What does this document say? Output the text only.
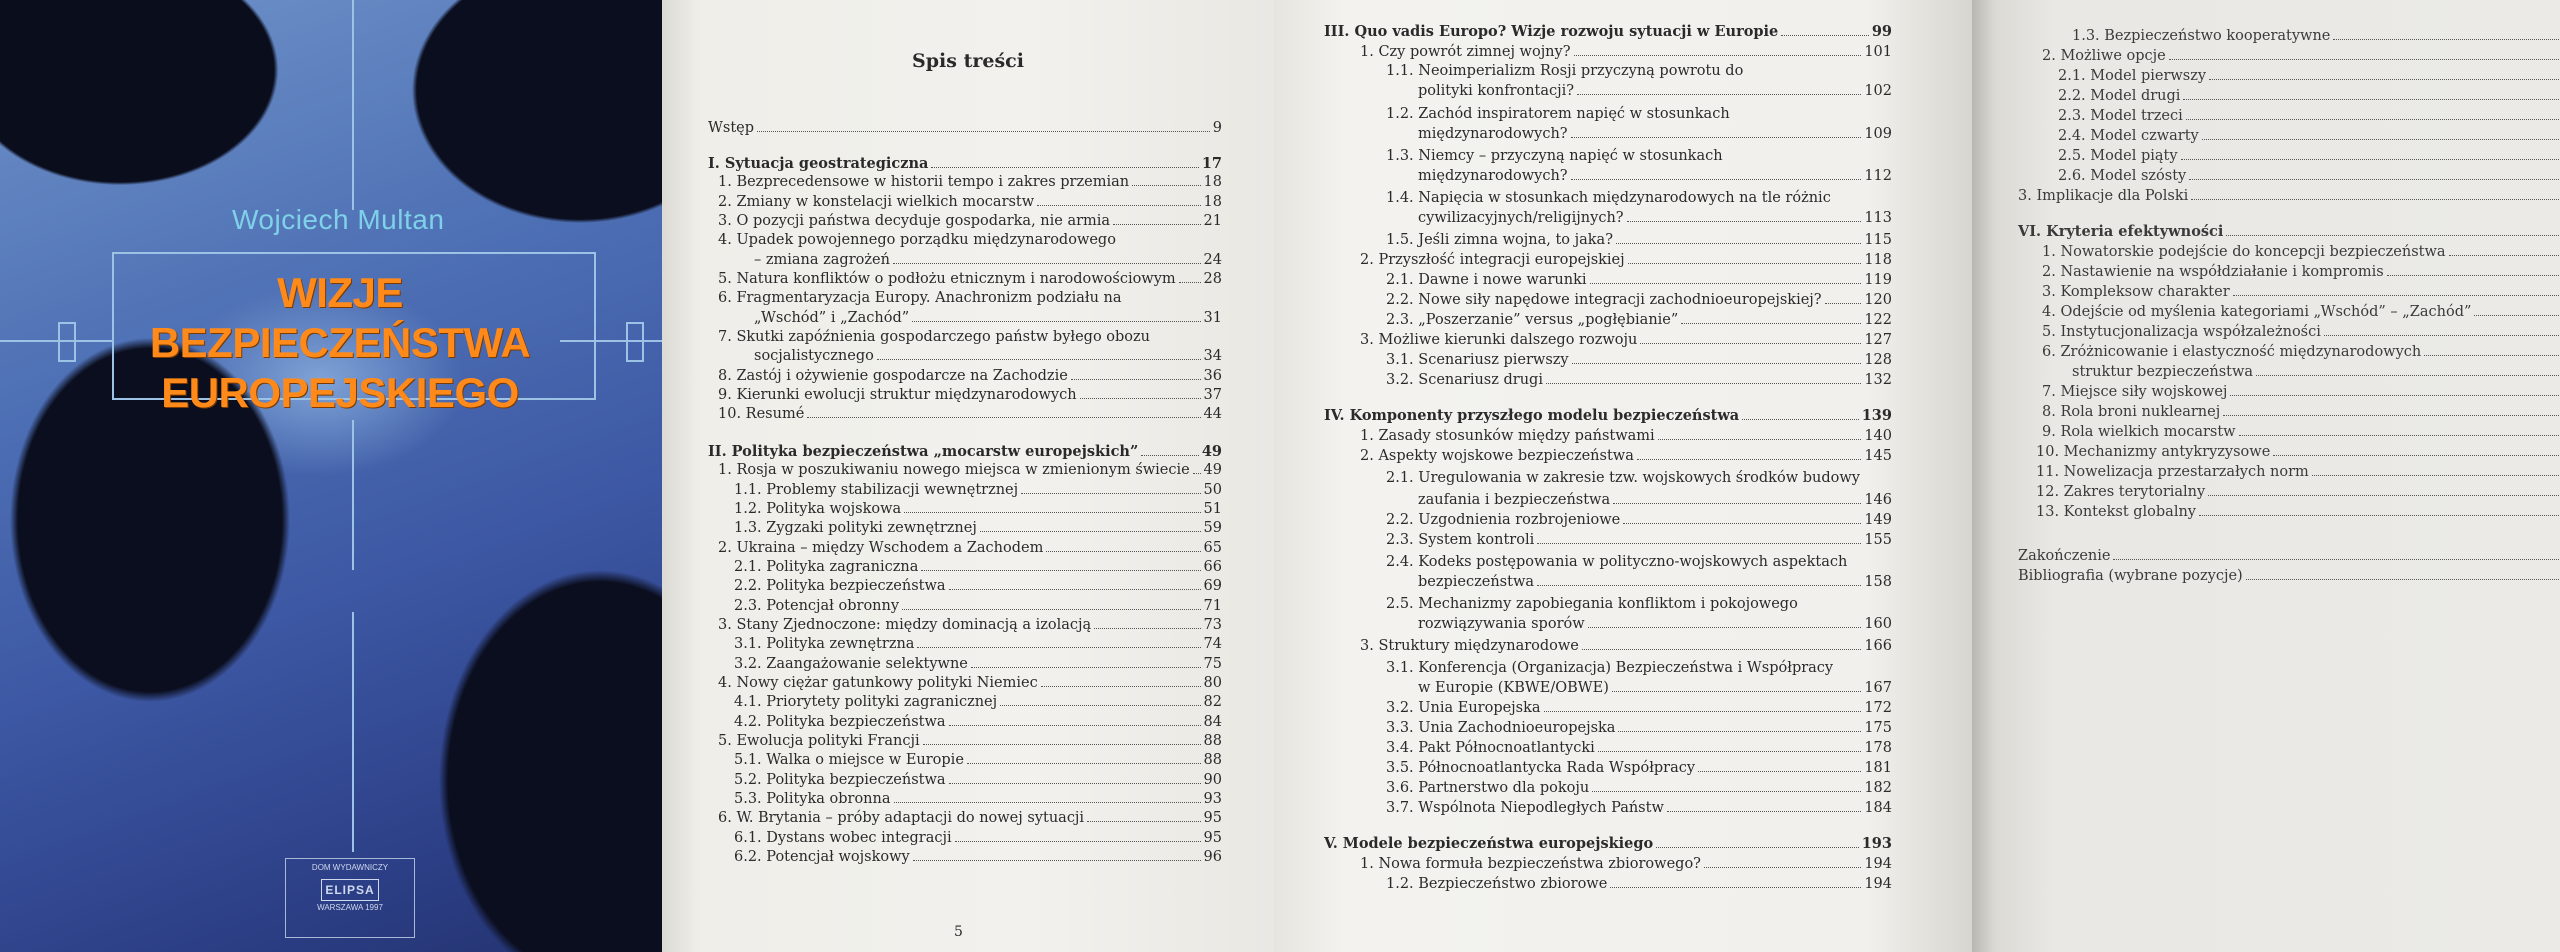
Wojciech Multan
WIZJE
BEZPIECZEŃSTWA
EUROPEJSKIEGO
DOM WYDAWNICZY
ELIPSA
WARSZAWA 1997
Spis treści
Wstęp	9
I. Sytuacja geostrategiczna	17
1. Bezprecedensowe w historii tempo i zakres przemian	18
2. Zmiany w konstelacji wielkich mocarstw	18
3. O pozycji państwa decyduje gospodarka, nie armia	21
4. Upadek powojennego porządku międzynarodowego
– zmiana zagrożeń	24
5. Natura konfliktów o podłożu etnicznym i narodowościowym 28
6. Fragmentaryzacja Europy. Anachronizm podziału na
„Wschód” i „Zachód”	31
7. Skutki zapóźnienia gospodarczego państw byłego obozu
socjalistycznego	34
8. Zastój i ożywienie gospodarcze na Zachodzie	36
9. Kierunki ewolucji struktur międzynarodowych	37
10. Resumé	44
II. Polityka bezpieczeństwa „mocarstw europejskich”	49
1. Rosja w poszukiwaniu nowego miejsca w zmienionym świecie 49
1.1. Problemy stabilizacji wewnętrznej	50
1.2. Polityka wojskowa	51
1.3. Zygzaki polityki zewnętrznej	59
2. Ukraina – między Wschodem a Zachodem	65
2.1. Polityka zagraniczna	66
2.2. Polityka bezpieczeństwa	69
2.3. Potencjał obronny	71
3. Stany Zjednoczone: między dominacją a izolacją	73
3.1. Polityka zewnętrzna	74
3.2. Zaangażowanie selektywne	75
4. Nowy ciężar gatunkowy polityki Niemiec	80
4.1. Priorytety polityki zagranicznej	82
4.2. Polityka bezpieczeństwa	84
5. Ewolucja polityki Francji	88
5.1. Walka o miejsce w Europie	88
5.2. Polityka bezpieczeństwa	90
5.3. Polityka obronna	93
6. W. Brytania – próby adaptacji do nowej sytuacji	95
6.1. Dystans wobec integracji	95
6.2. Potencjał wojskowy	96
5
III. Quo vadis Europo? Wizje rozwoju sytuacji w Europie	99
1. Czy powrót zimnej wojny?	101
1.1. Neoimperializm Rosji przyczyną powrotu do
polityki konfrontacji?	102
1.2. Zachód inspiratorem napięć w stosunkach
międzynarodowych?	109
1.3. Niemcy – przyczyną napięć w stosunkach
międzynarodowych?	112
1.4. Napięcia w stosunkach międzynarodowych na tle różnic
cywilizacyjnych/religijnych?	113
1.5. Jeśli zimna wojna, to jaka?	115
2. Przyszłość integracji europejskiej	118
2.1. Dawne i nowe warunki	119
2.2. Nowe siły napędowe integracji zachodnioeuropejskiej?	120
2.3. „Poszerzanie” versus „pogłębianie”	122
3. Możliwe kierunki dalszego rozwoju	127
3.1. Scenariusz pierwszy	128
3.2. Scenariusz drugi	132
IV. Komponenty przyszłego modelu bezpieczeństwa	139
1. Zasady stosunków między państwami	140
2. Aspekty wojskowe bezpieczeństwa	145
2.1. Uregulowania w zakresie tzw. wojskowych środków budowy
zaufania i bezpieczeństwa	146
2.2. Uzgodnienia rozbrojeniowe	149
2.3. System kontroli	155
2.4. Kodeks postępowania w polityczno-wojskowych aspektach
bezpieczeństwa	158
2.5. Mechanizmy zapobiegania konfliktom i pokojowego
rozwiązywania sporów	160
3. Struktury międzynarodowe	166
3.1. Konferencja (Organizacja) Bezpieczeństwa i Współpracy
w Europie (KBWE/OBWE)	167
3.2. Unia Europejska	172
3.3. Unia Zachodnioeuropejska	175
3.4. Pakt Północnoatlantycki	178
3.5. Północnoatlantycka Rada Współpracy	181
3.6. Partnerstwo dla pokoju	182
3.7. Wspólnota Niepodległych Państw	184
V. Modele bezpieczeństwa europejskiego	193
1. Nowa formuła bezpieczeństwa zbiorowego?	194
1.2. Bezpieczeństwo zbiorowe	194
1.3. Bezpieczeństwo kooperatywne
2. Możliwe opcje
2.1. Model pierwszy
2.2. Model drugi
2.3. Model trzeci
2.4. Model czwarty
2.5. Model piąty
2.6. Model szósty
3. Implikacje dla Polski
VI. Kryteria efektywności
1. Nowatorskie podejście do koncepcji bezpieczeństwa
2. Nastawienie na współdziałanie i kompromis
3. Kompleksow charakter
4. Odejście od myślenia kategoriami „Wschód” – „Zachód”
5. Instytucjonalizacja współzależności
6. Zróżnicowanie i elastyczność międzynarodowych
struktur bezpieczeństwa
7. Miejsce siły wojskowej
8. Rola broni nuklearnej
9. Rola wielkich mocarstw
10. Mechanizmy antykryzysowe
11. Nowelizacja przestarzałych norm
12. Zakres terytorialny
13. Kontekst globalny
Zakończenie
Bibliografia (wybrane pozycje)
